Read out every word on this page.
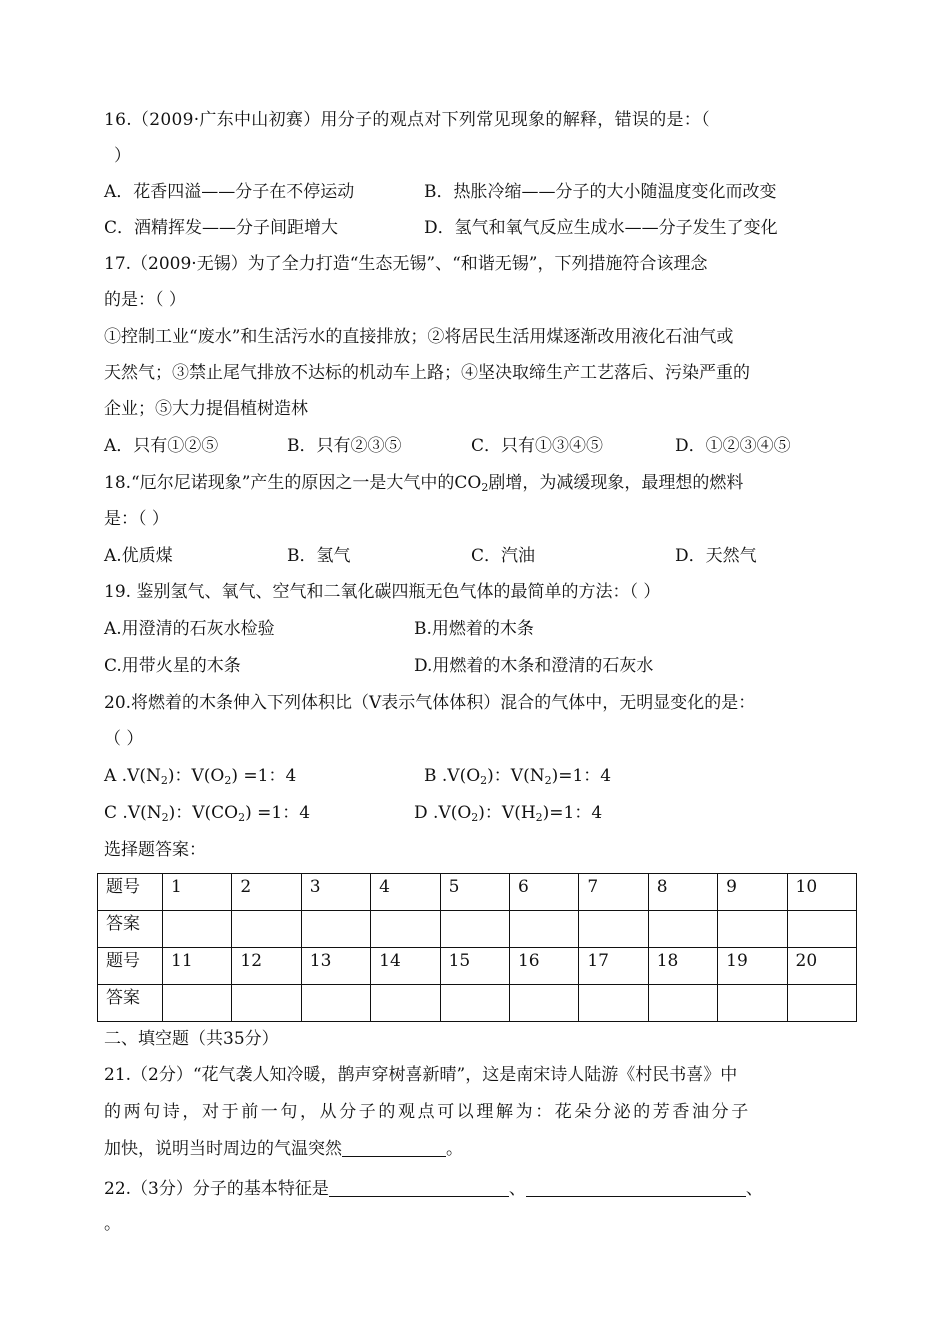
16.（2009·广东中山初赛）用分子的观点对下列常见现象的解释，错误的是：（
）
A．花香四溢——分子在不停运动	B．热胀冷缩——分子的大小随温度变化而改变
C．酒精挥发——分子间距增大	D．氢气和氧气反应生成水——分子发生了变化
17.（2009·无锡）为了全力打造“生态无锡”、“和谐无锡”，下列措施符合该理念
的是：（ ）
①控制工业“废水”和生活污水的直接排放；②将居民生活用煤逐渐改用液化石油气或
天然气；③禁止尾气排放不达标的机动车上路；④坚决取缔生产工艺落后、污染严重的
企业；⑤大力提倡植树造林
A．只有①②⑤	B．只有②③⑤	C．只有①③④⑤	D．①②③④⑤
18.“厄尔尼诺现象”产生的原因之一是大气中的$CO_2$剧增，为减缓现象，最理想的燃料
是：（ ）
A.优质煤	B．氢气	C．汽油	D．天然气
19. 鉴别氢气、氧气、空气和二氧化碳四瓶无色气体的最简单的方法：（ ）
A.用澄清的石灰水检验	B.用燃着的木条
C.用带火星的木条	D.用燃着的木条和澄清的石灰水
20.将燃着的木条伸入下列体积比（V表示气体体积）混合的气体中，无明显变化的是：
（ ）
A $.V(N_2)$：$V(O_2) =1$：4	B $.V(O_2)$：$V(N_2)=1$：4
C $.V(N_2)$：$V(CO_2) =1$：4	D $.V(O_2)$：$V(H_2)=1$：4
选择题答案：
题号	1	2	3	4	5	6	7	8	9	10
答案										
题号	11	12	13	14	15	16	17	18	19	20
答案										
二、填空题（共35分）
21.（2分）“花气袭人知冷暖，鹊声穿树喜新晴”，这是南宋诗人陆游《村民书喜》中
的两句诗，对于前一句，从分子的观点可以理解为：花朵分泌的芳香油分子
加快，说明当时周边的气温突然	。
22.（3分）分子的基本特征是	、	、
。
